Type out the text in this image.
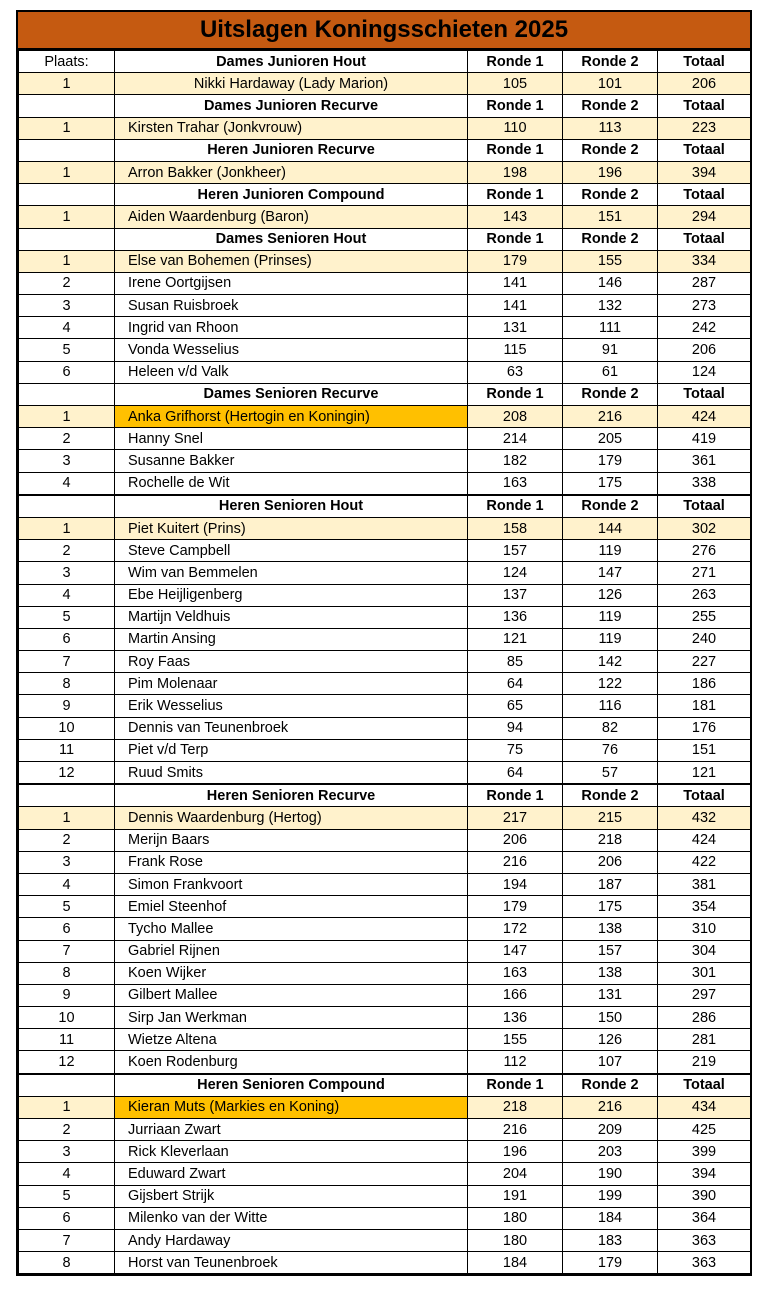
Uitslagen Koningsschieten 2025
Plaats:	Dames Junioren Hout	Ronde 1	Ronde 2	Totaal
1	Nikki Hardaway (Lady Marion)	105	101	206
	Dames Junioren Recurve	Ronde 1	Ronde 2	Totaal
1	Kirsten Trahar (Jonkvrouw)	110	113	223
	Heren Junioren Recurve	Ronde 1	Ronde 2	Totaal
1	Arron Bakker (Jonkheer)	198	196	394
	Heren Junioren Compound	Ronde 1	Ronde 2	Totaal
1	Aiden Waardenburg (Baron)	143	151	294
	Dames Senioren Hout	Ronde 1	Ronde 2	Totaal
1	Else van Bohemen (Prinses)	179	155	334
2	Irene Oortgijsen	141	146	287
3	Susan Ruisbroek	141	132	273
4	Ingrid van Rhoon	131	111	242
5	Vonda Wesselius	115	91	206
6	Heleen v/d Valk	63	61	124
	Dames Senioren Recurve	Ronde 1	Ronde 2	Totaal
1	Anka Grifhorst (Hertogin en Koningin)	208	216	424
2	Hanny Snel	214	205	419
3	Susanne Bakker	182	179	361
4	Rochelle de Wit	163	175	338
	Heren Senioren Hout	Ronde 1	Ronde 2	Totaal
1	Piet Kuitert (Prins)	158	144	302
2	Steve Campbell	157	119	276
3	Wim van Bemmelen	124	147	271
4	Ebe Heijligenberg	137	126	263
5	Martijn Veldhuis	136	119	255
6	Martin Ansing	121	119	240
7	Roy Faas	85	142	227
8	Pim Molenaar	64	122	186
9	Erik Wesselius	65	116	181
10	Dennis van Teunenbroek	94	82	176
11	Piet v/d Terp	75	76	151
12	Ruud Smits	64	57	121
	Heren Senioren Recurve	Ronde 1	Ronde 2	Totaal
1	Dennis Waardenburg (Hertog)	217	215	432
2	Merijn Baars	206	218	424
3	Frank Rose	216	206	422
4	Simon Frankvoort	194	187	381
5	Emiel Steenhof	179	175	354
6	Tycho Mallee	172	138	310
7	Gabriel Rijnen	147	157	304
8	Koen Wijker	163	138	301
9	Gilbert Mallee	166	131	297
10	Sirp Jan Werkman	136	150	286
11	Wietze Altena	155	126	281
12	Koen Rodenburg	112	107	219
	Heren Senioren Compound	Ronde 1	Ronde 2	Totaal
1	Kieran Muts (Markies en Koning)	218	216	434
2	Jurriaan Zwart	216	209	425
3	Rick Kleverlaan	196	203	399
4	Eduward Zwart	204	190	394
5	Gijsbert Strijk	191	199	390
6	Milenko van der Witte	180	184	364
7	Andy Hardaway	180	183	363
8	Horst van Teunenbroek	184	179	363
